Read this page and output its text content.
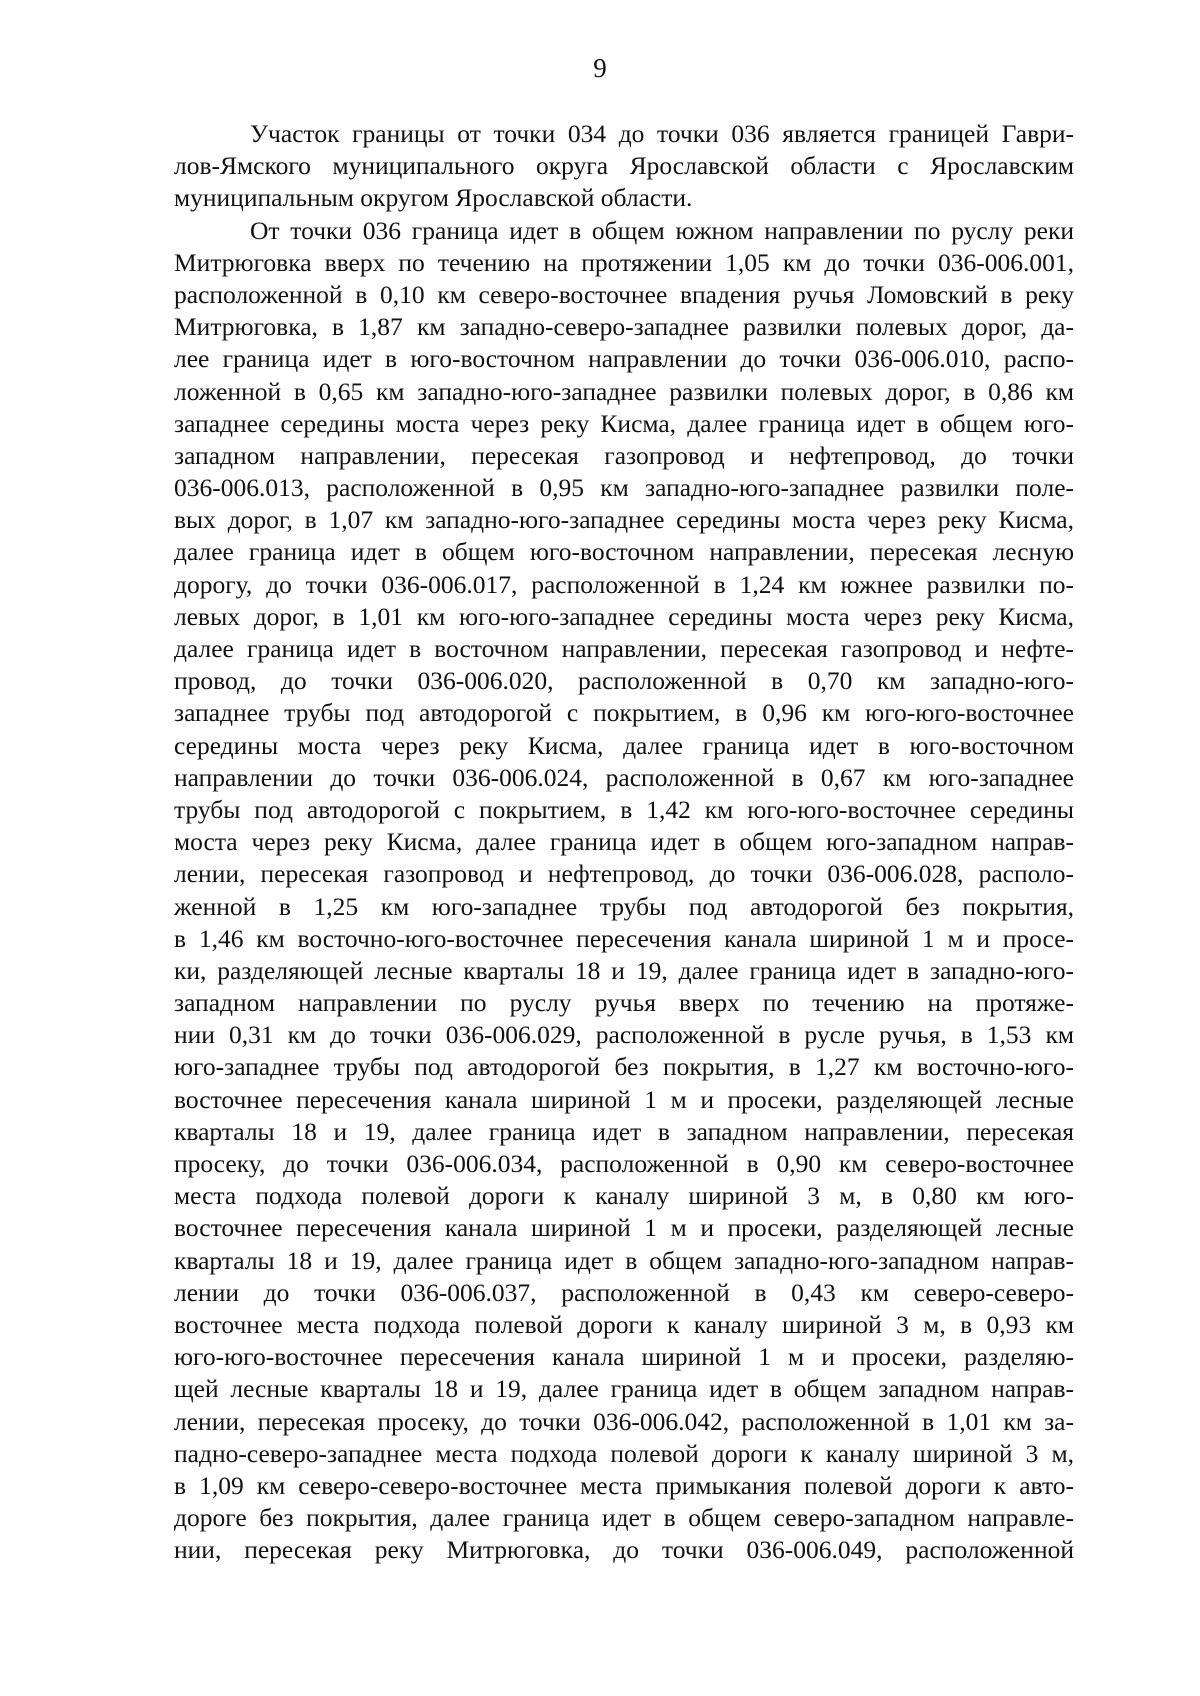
9
Участок границы от точки 034 до точки 036 является границей Гаври-
лов-Ямского муниципального округа Ярославской области с Ярославским
муниципальным округом Ярославской области.
От точки 036 граница идет в общем южном направлении по руслу реки
Митрюговка вверх по течению на протяжении 1,05 км до точки 036-006.001,
расположенной в 0,10 км северо-восточнее впадения ручья Ломовский в реку
Митрюговка, в 1,87 км западно-северо-западнее развилки полевых дорог, да-
лее граница идет в юго-восточном направлении до точки 036-006.010, распо-
ложенной в 0,65 км западно-юго-западнее развилки полевых дорог, в 0,86 км
западнее середины моста через реку Кисма, далее граница идет в общем юго-
западном направлении, пересекая газопровод и нефтепровод, до точки
036-006.013, расположенной в 0,95 км западно-юго-западнее развилки поле-
вых дорог, в 1,07 км западно-юго-западнее середины моста через реку Кисма,
далее граница идет в общем юго-восточном направлении, пересекая лесную
дорогу, до точки 036-006.017, расположенной в 1,24 км южнее развилки по-
левых дорог, в 1,01 км юго-юго-западнее середины моста через реку Кисма,
далее граница идет в восточном направлении, пересекая газопровод и нефте-
провод, до точки 036-006.020, расположенной в 0,70 км западно-юго-
западнее трубы под автодорогой с покрытием, в 0,96 км юго-юго-восточнее
середины моста через реку Кисма, далее граница идет в юго-восточном
направлении до точки 036-006.024, расположенной в 0,67 км юго-западнее
трубы под автодорогой с покрытием, в 1,42 км юго-юго-восточнее середины
моста через реку Кисма, далее граница идет в общем юго-западном направ-
лении, пересекая газопровод и нефтепровод, до точки 036-006.028, располо-
женной в 1,25 км юго-западнее трубы под автодорогой без покрытия,
в 1,46 км восточно-юго-восточнее пересечения канала шириной 1 м и просе-
ки, разделяющей лесные кварталы 18 и 19, далее граница идет в западно-юго-
западном направлении по руслу ручья вверх по течению на протяже-
нии 0,31 км до точки 036-006.029, расположенной в русле ручья, в 1,53 км
юго-западнее трубы под автодорогой без покрытия, в 1,27 км восточно-юго-
восточнее пересечения канала шириной 1 м и просеки, разделяющей лесные
кварталы 18 и 19, далее граница идет в западном направлении, пересекая
просеку, до точки 036-006.034, расположенной в 0,90 км северо-восточнее
места подхода полевой дороги к каналу шириной 3 м, в 0,80 км юго-
восточнее пересечения канала шириной 1 м и просеки, разделяющей лесные
кварталы 18 и 19, далее граница идет в общем западно-юго-западном направ-
лении до точки 036-006.037, расположенной в 0,43 км северо-северо-
восточнее места подхода полевой дороги к каналу шириной 3 м, в 0,93 км
юго-юго-восточнее пересечения канала шириной 1 м и просеки, разделяю-
щей лесные кварталы 18 и 19, далее граница идет в общем западном направ-
лении, пересекая просеку, до точки 036-006.042, расположенной в 1,01 км за-
падно-северо-западнее места подхода полевой дороги к каналу шириной 3 м,
в 1,09 км северо-северо-восточнее места примыкания полевой дороги к авто-
дороге без покрытия, далее граница идет в общем северо-западном направле-
нии, пересекая реку Митрюговка, до точки 036-006.049, расположенной
